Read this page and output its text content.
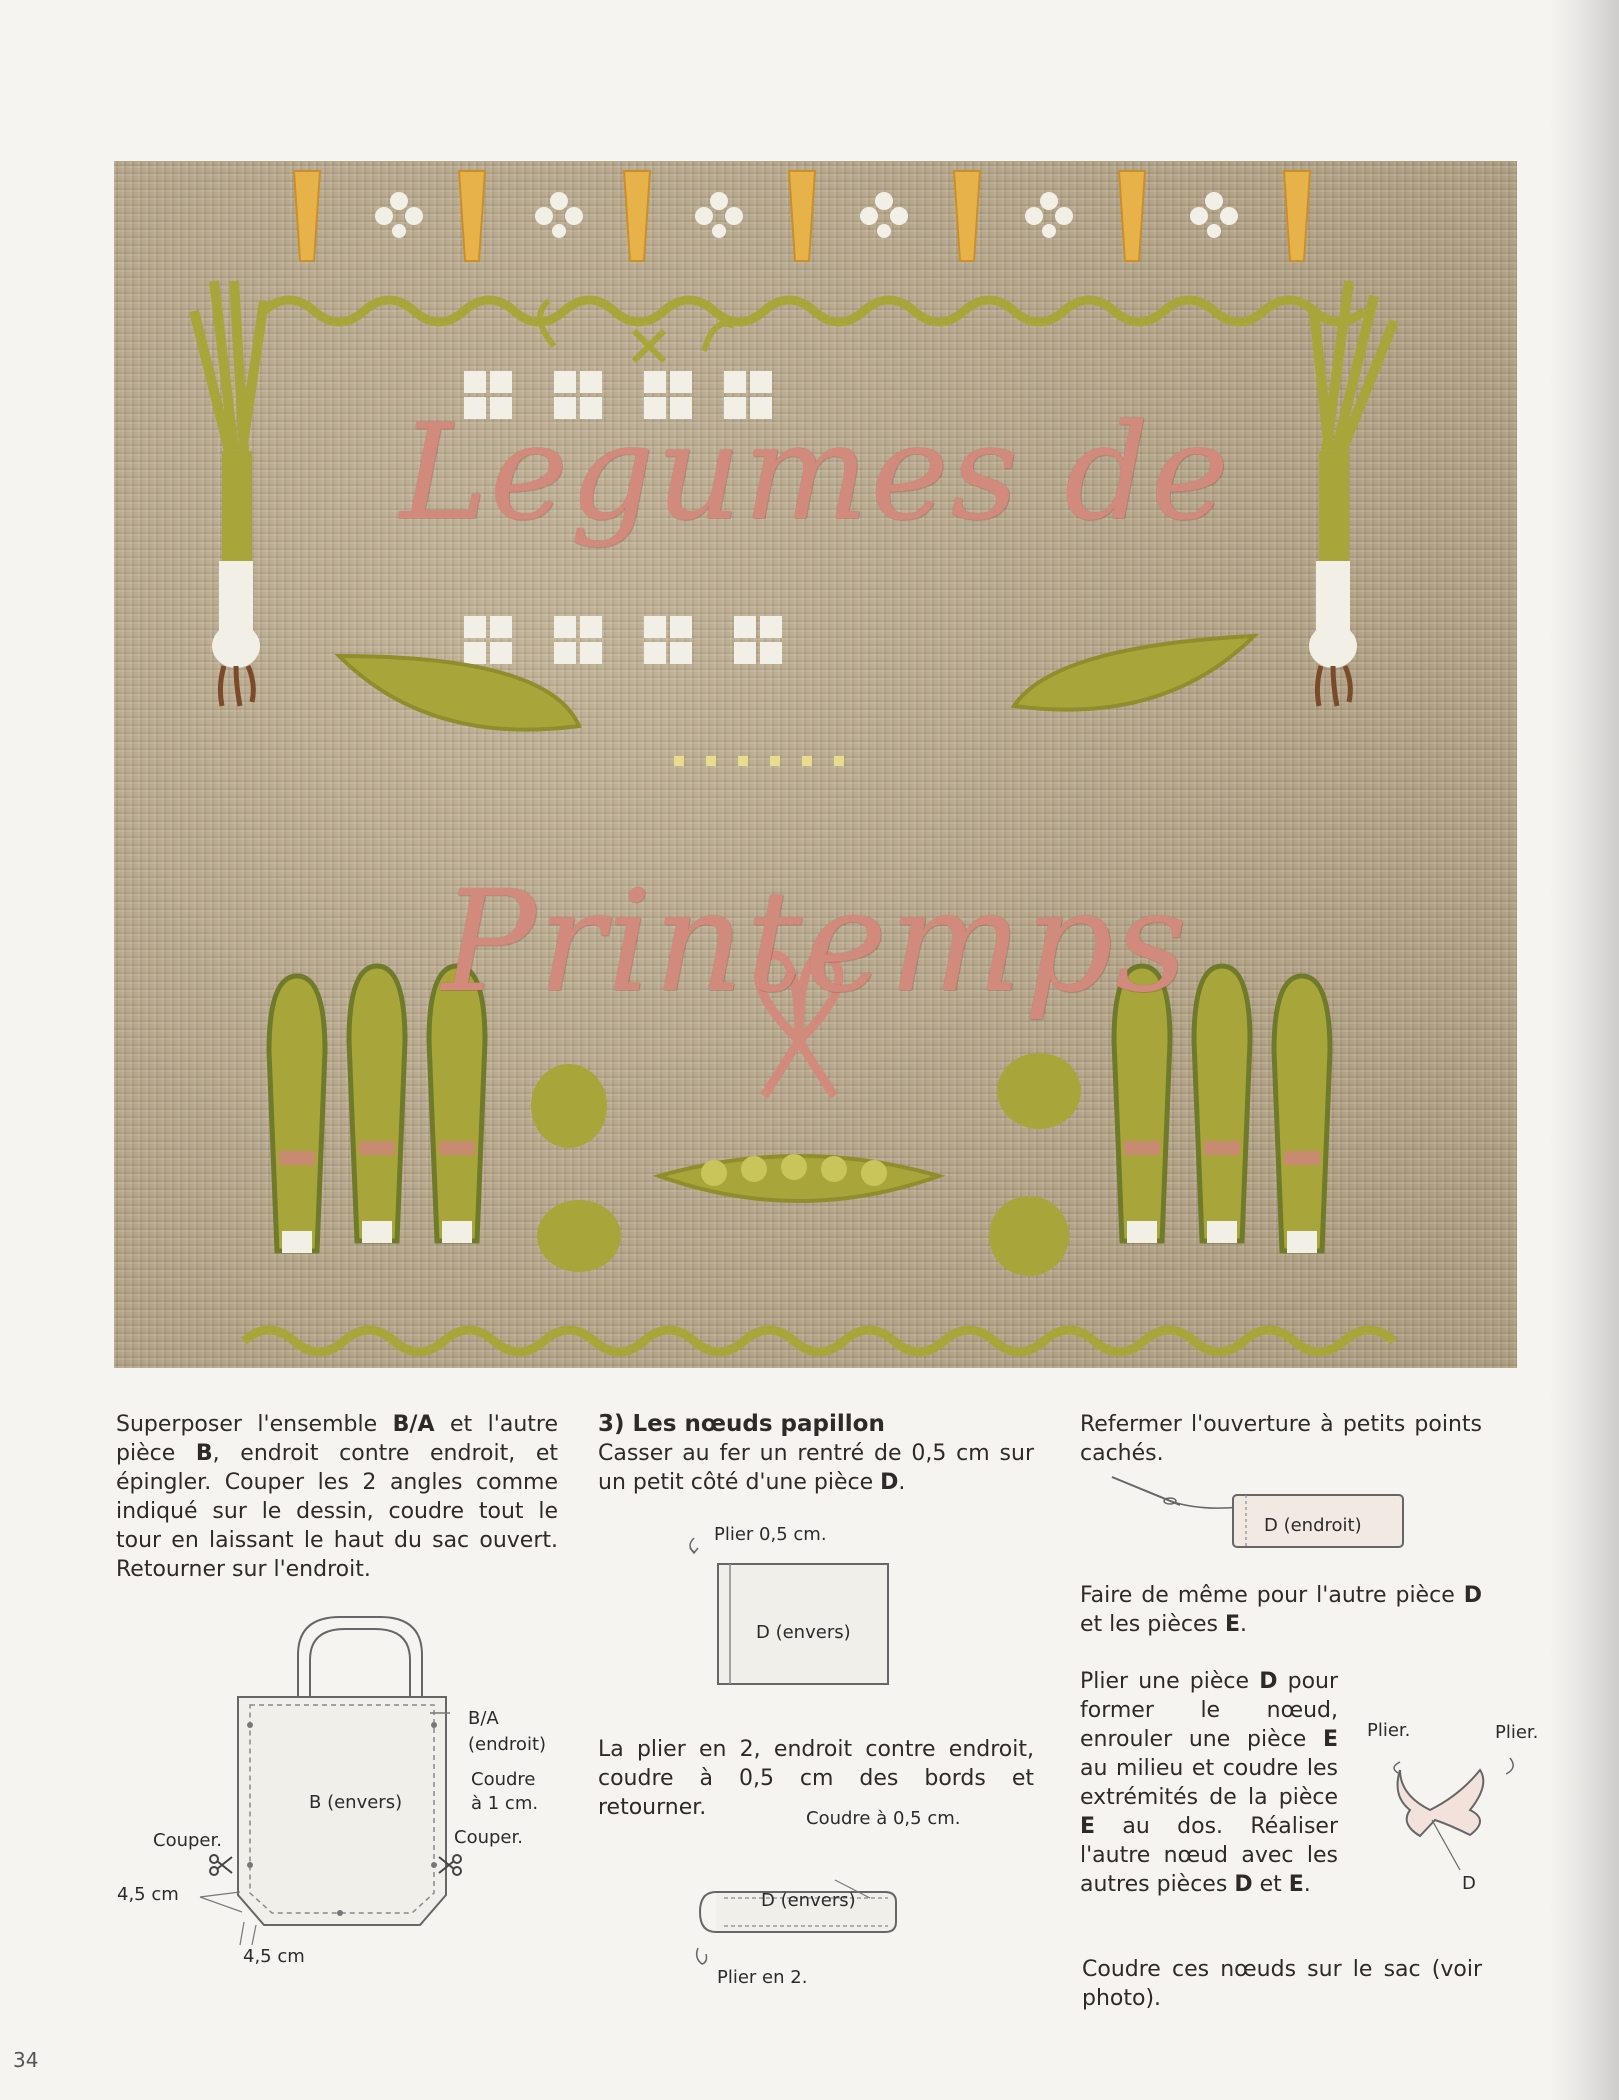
Legumes de
Printemps

Superposer l'ensemble B/A et l'autre pièce B, endroit contre endroit, et épingler. Couper les 2 angles comme indiqué sur le dessin, coudre tout le tour en laissant le haut du sac ouvert. Retourner sur l'endroit.

B/A
(endroit)
B (envers)
Coudre
à 1 cm.
Couper.	Couper.
4,5 cm
4,5 cm

3) Les nœuds papillon

Casser au fer un rentré de 0,5 cm sur un petit côté d'une pièce D.

Plier 0,5 cm.
D (envers)

La plier en 2, endroit contre endroit, coudre à 0,5 cm des bords et retourner.	Coudre à 0,5 cm.
D (envers)
Plier en 2.

Refermer l'ouverture à petits points cachés.

D (endroit)

Faire de même pour l'autre pièce D et les pièces E.

Plier une pièce D pour former le nœud, enrouler une pièce E au milieu et coudre les extrémités de la pièce E au dos. Réaliser l'autre nœud avec les autres pièces D et E.

Plier.	Plier.
D

Coudre ces nœuds sur le sac (voir photo).

34
